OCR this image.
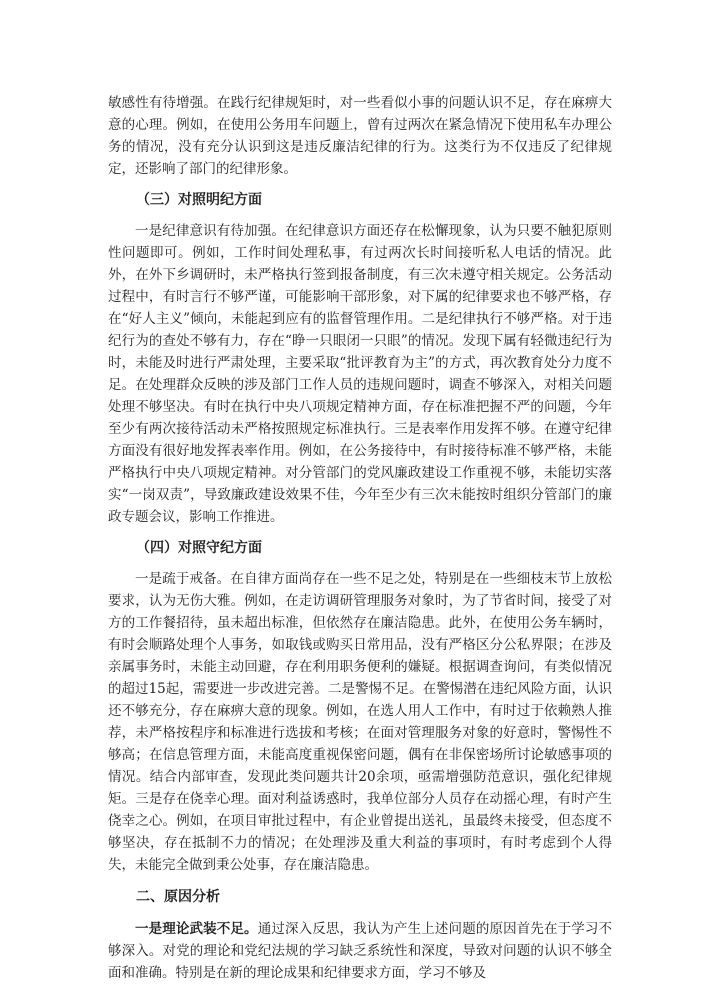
敏感性有待增强。在践行纪律规矩时，对一些看似小事的问题认识不足，存在麻痹大意的心理。例如，在使用公务用车问题上，曾有过两次在紧急情况下使用私车办理公务的情况，没有充分认识到这是违反廉洁纪律的行为。这类行为不仅违反了纪律规定，还影响了部门的纪律形象。

（三）对照明纪方面

一是纪律意识有待加强。在纪律意识方面还存在松懈现象，认为只要不触犯原则性问题即可。例如，工作时间处理私事，有过两次长时间接听私人电话的情况。此外，在外下乡调研时，未严格执行签到报备制度，有三次未遵守相关规定。公务活动过程中，有时言行不够严谨，可能影响干部形象，对下属的纪律要求也不够严格，存在“好人主义”倾向，未能起到应有的监督管理作用。二是纪律执行不够严格。对于违纪行为的查处不够有力，存在“睁一只眼闭一只眼”的情况。发现下属有轻微违纪行为时，未能及时进行严肃处理，主要采取“批评教育为主”的方式，再次教育处分力度不足。在处理群众反映的涉及部门工作人员的违规问题时，调查不够深入，对相关问题处理不够坚决。有时在执行中央八项规定精神方面，存在标准把握不严的问题，今年至少有两次接待活动未严格按照规定标准执行。三是表率作用发挥不够。在遵守纪律方面没有很好地发挥表率作用。例如，在公务接待中，有时接待标准不够严格，未能严格执行中央八项规定精神。对分管部门的党风廉政建设工作重视不够，未能切实落实“一岗双责”，导致廉政建设效果不佳，今年至少有三次未能按时组织分管部门的廉政专题会议，影响工作推进。

（四）对照守纪方面

一是疏于戒备。在自律方面尚存在一些不足之处，特别是在一些细枝末节上放松要求，认为无伤大雅。例如，在走访调研管理服务对象时，为了节省时间，接受了对方的工作餐招待，虽未超出标准，但依然存在廉洁隐患。此外，在使用公务车辆时，有时会顺路处理个人事务，如取钱或购买日常用品，没有严格区分公私界限；在涉及亲属事务时，未能主动回避，存在利用职务便利的嫌疑。根据调查询问，有类似情况的超过15起，需要进一步改进完善。二是警惕不足。在警惕潜在违纪风险方面，认识还不够充分，存在麻痹大意的现象。例如，在选人用人工作中，有时过于依赖熟人推荐，未严格按程序和标准进行选拔和考核；在面对管理服务对象的好意时，警惕性不够高；在信息管理方面，未能高度重视保密问题，偶有在非保密场所讨论敏感事项的情况。结合内部审查，发现此类问题共计20余项，亟需增强防范意识，强化纪律规矩。三是存在侥幸心理。面对利益诱惑时，我单位部分人员存在动摇心理，有时产生侥幸之心。例如，在项目审批过程中，有企业曾提出送礼，虽最终未接受，但态度不够坚决，存在抵制不力的情况；在处理涉及重大利益的事项时，有时考虑到个人得失，未能完全做到秉公处事，存在廉洁隐患。

二、原因分析

一是理论武装不足。通过深入反思，我认为产生上述问题的原因首先在于学习不够深入。对党的理论和党纪法规的学习缺乏系统性和深度，导致对问题的认识不够全面和准确。特别是在新的理论成果和纪律要求方面，学习不够及
